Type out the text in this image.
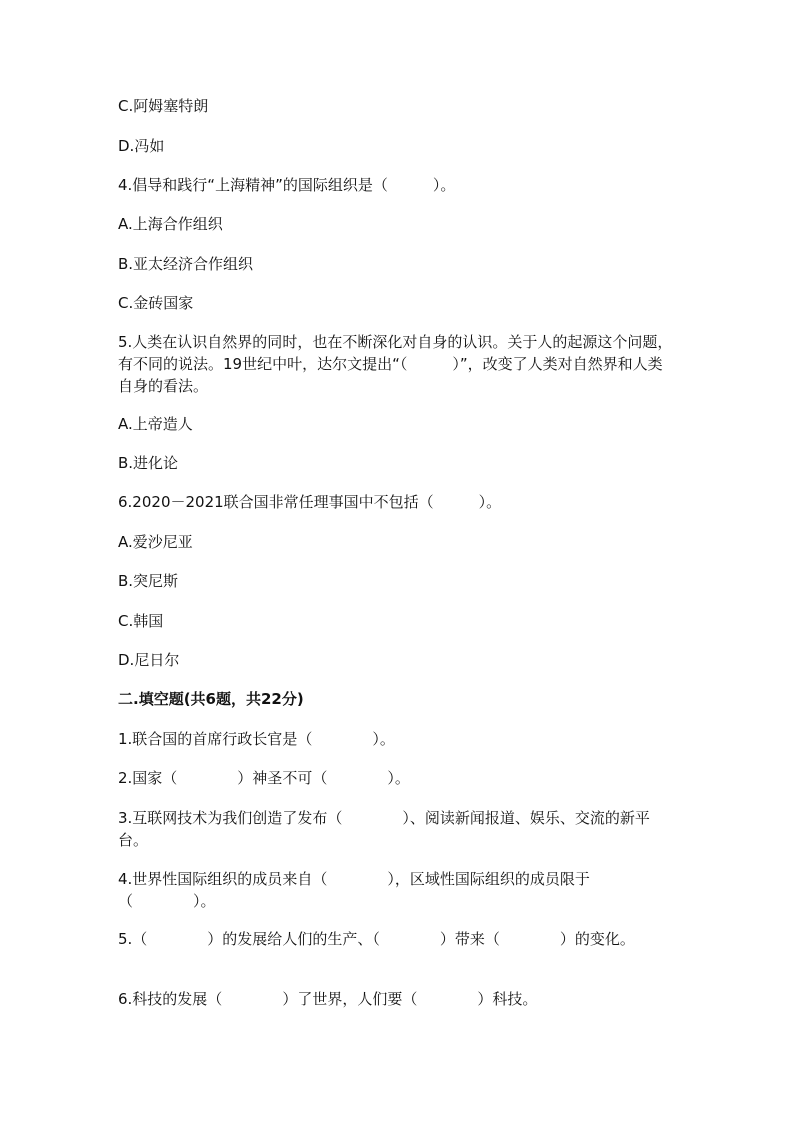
C.阿姆塞特朗
D.冯如
4.倡导和践行“上海精神”的国际组织是（　　　）。
A.上海合作组织
B.亚太经济合作组织
C.金砖国家
5.人类在认识自然界的同时，也在不断深化对自身的认识。关于人的起源这个问题，有不同的说法。19世纪中叶，达尔文提出“（　　　）”，改变了人类对自然界和人类自身的看法。
A.上帝造人
B.进化论
6.2020－2021联合国非常任理事国中不包括（　　　）。
A.爱沙尼亚
B.突尼斯
C.韩国
D.尼日尔
二.填空题(共6题，共22分)
1.联合国的首席行政长官是（　　　　）。
2.国家（　　　　）神圣不可（　　　　）。
3.互联网技术为我们创造了发布（　　　　）、阅读新闻报道、娱乐、交流的新平台。
4.世界性国际组织的成员来自（　　　　），区域性国际组织的成员限于（　　　　）。
5.（　　　　）的发展给人们的生产、（　　　　）带来（　　　　）的变化。
6.科技的发展（　　　　）了世界，人们要（　　　　）科技。
